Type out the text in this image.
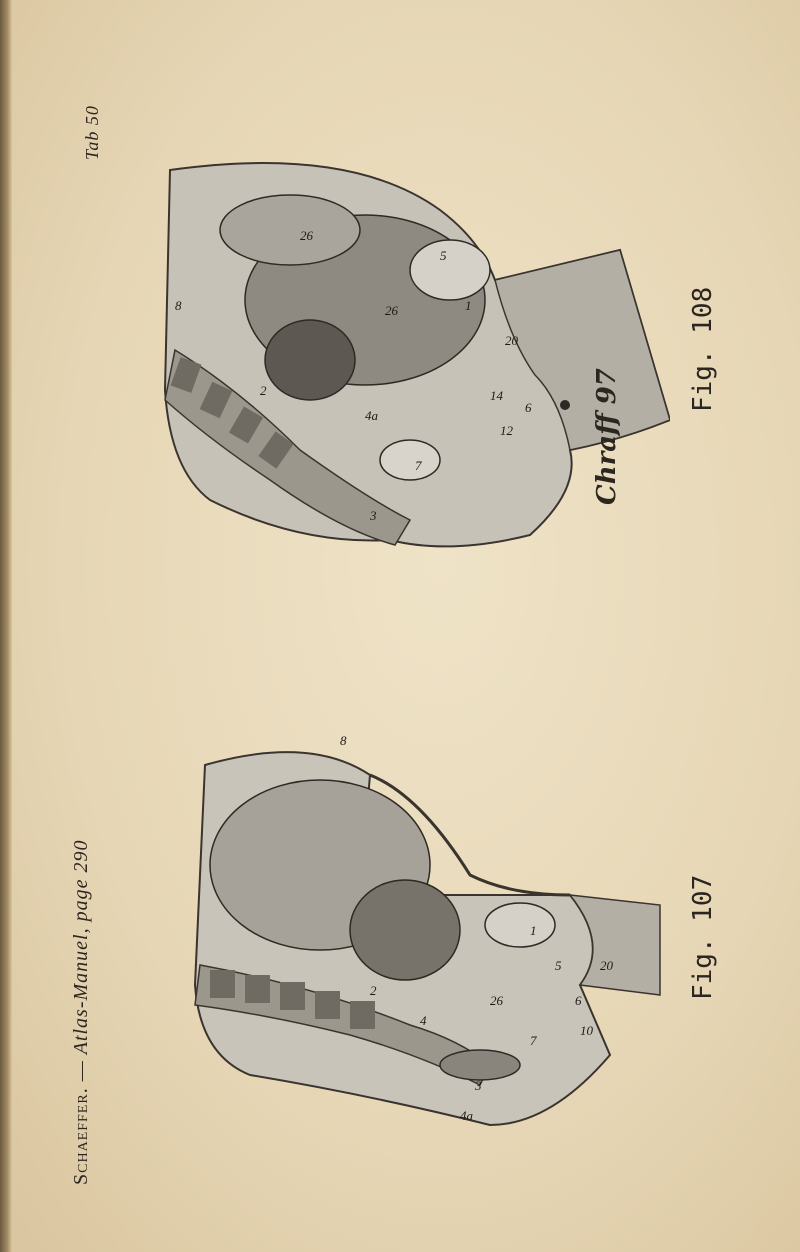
Schaeffer. — Atlas-Manuel, page 290
Tab 50
26
26
5
1
8
2
20
4a
14
12
6
7
3
8
2
4
4a
3
26
1
5	20
6
7
10
Chraff 97
Fig. 108
Fig. 107
